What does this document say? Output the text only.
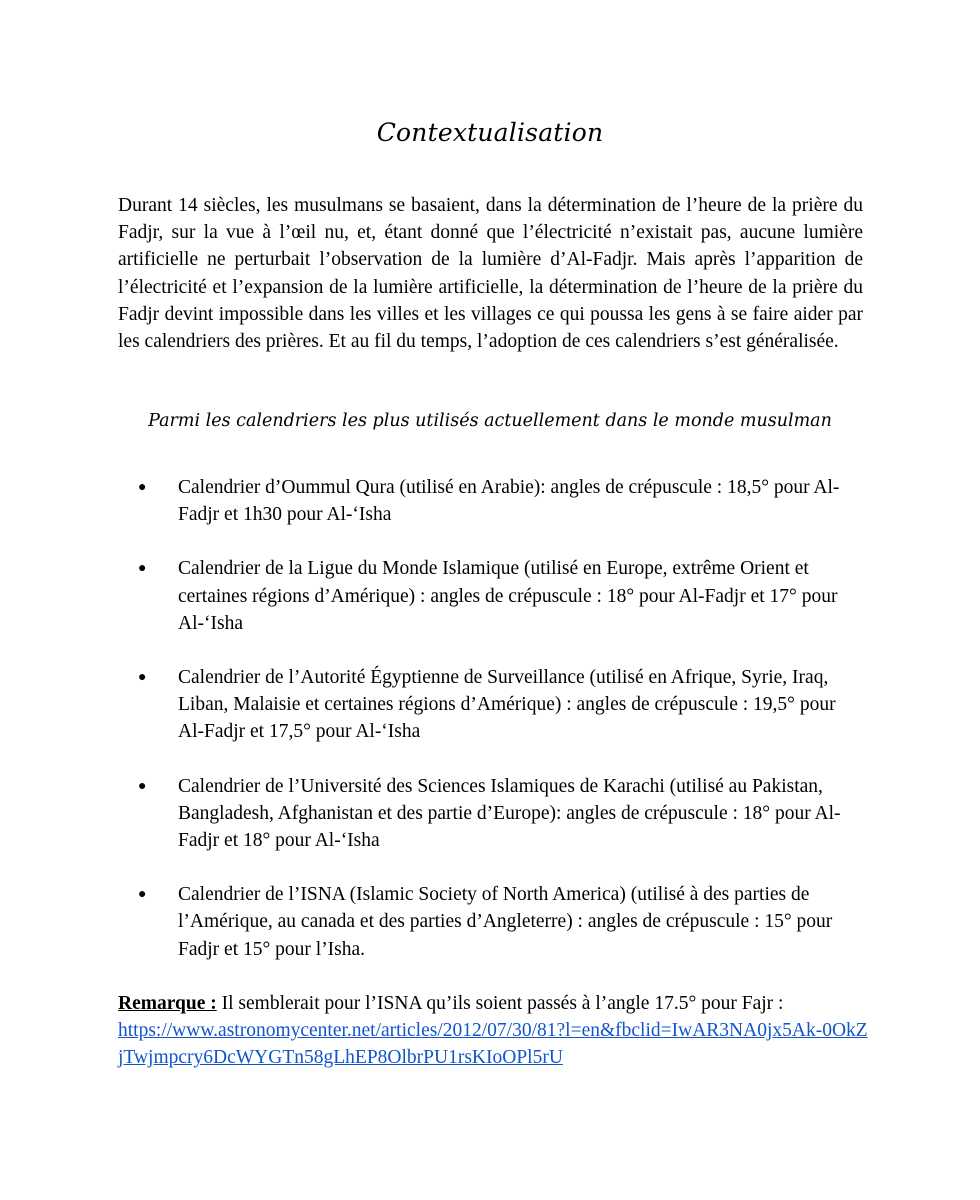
Contextualisation

Durant 14 siècles, les musulmans se basaient, dans la détermination de l’heure de la prière du Fadjr, sur la vue à l’œil nu, et, étant donné que l’électricité n’existait pas, aucune lumière artificielle ne perturbait l’observation de la lumière d’Al-Fadjr. Mais après l’apparition de l’électricité et l’expansion de la lumière artificielle, la détermination de l’heure de la prière du Fadjr devint impossible dans les villes et les villages ce qui poussa les gens à se faire aider par les calendriers des prières. Et au fil du temps, l’adoption de ces calendriers s’est généralisée.

Parmi les calendriers les plus utilisés actuellement dans le monde musulman
● Calendrier d’Oummul Qura (utilisé en Arabie): angles de crépuscule : 18,5° pour Al-Fadjr et 1h30 pour Al-‘Isha
● Calendrier de la Ligue du Monde Islamique (utilisé en Europe, extrême Orient et certaines régions d’Amérique) : angles de crépuscule : 18° pour Al-Fadjr et 17° pour Al-‘Isha
● Calendrier de l’Autorité Égyptienne de Surveillance (utilisé en Afrique, Syrie, Iraq, Liban, Malaisie et certaines régions d’Amérique) : angles de crépuscule : 19,5° pour Al-Fadjr et 17,5° pour Al-‘Isha
● Calendrier de l’Université des Sciences Islamiques de Karachi (utilisé au Pakistan, Bangladesh, Afghanistan et des partie d’Europe): angles de crépuscule : 18° pour Al-Fadjr et 18° pour Al-‘Isha
● Calendrier de l’ISNA (Islamic Society of North America) (utilisé à des parties de l’Amérique, au canada et des parties d’Angleterre) : angles de crépuscule : 15° pour Fadjr et 15° pour l’Isha.
Remarque : Il semblerait pour l’ISNA qu’ils soient passés à l’angle 17.5° pour Fajr :
https://www.astronomycenter.net/articles/2012/07/30/81?l=en&fbclid=IwAR3NA0jx5Ak-0OkZjTwjmpcry6DcWYGTn58gLhEP8OlbrPU1rsKIoOPl5rU
